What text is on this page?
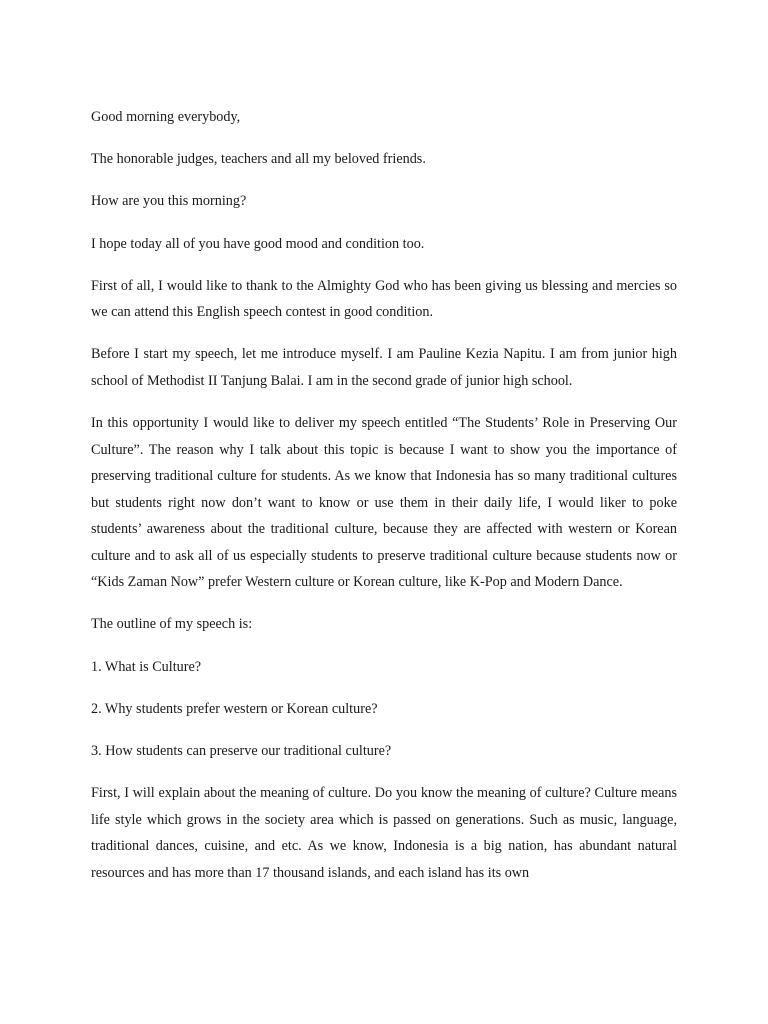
Good morning everybody,

The honorable judges, teachers and all my beloved friends.

How are you this morning?

I hope today all of you have good mood and condition too.

First of all, I would like to thank to the Almighty God who has been giving us blessing and mercies so we can attend this English speech contest in good condition.

Before I start my speech, let me introduce myself. I am Pauline Kezia Napitu. I am from junior high school of Methodist II Tanjung Balai. I am in the second grade of junior high school.

In this opportunity I would like to deliver my speech entitled “The Students’ Role in Preserving Our Culture”. The reason why I talk about this topic is because I want to show you the importance of preserving traditional culture for students. As we know that Indonesia has so many traditional cultures but students right now don’t want to know or use them in their daily life, I would liker to poke students’ awareness about the traditional culture, because they are affected with western or Korean culture and to ask all of us especially students to preserve traditional culture because students now or “Kids Zaman Now” prefer Western culture or Korean culture, like K-Pop and Modern Dance.

The outline of my speech is:

1. What is Culture?

2. Why students prefer western or Korean culture?

3. How students can preserve our traditional culture?

First, I will explain about the meaning of culture. Do you know the meaning of culture? Culture means life style which grows in the society area which is passed on generations. Such as music, language, traditional dances, cuisine, and etc. As we know, Indonesia is a big nation, has abundant natural resources and has more than 17 thousand islands, and each island has its own
